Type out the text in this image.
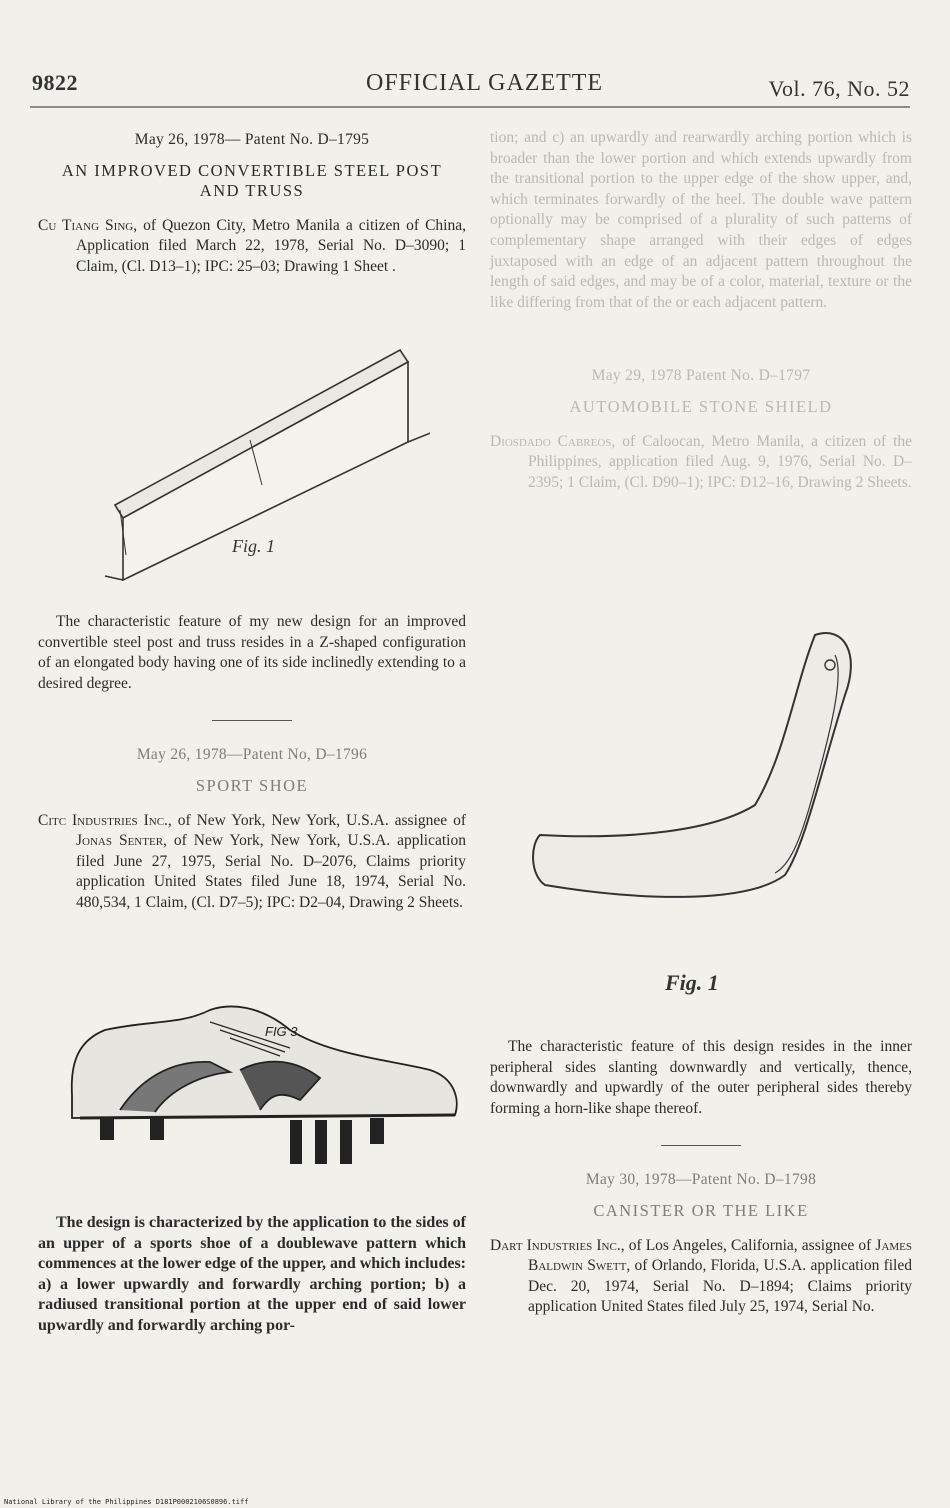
9822	OFFICIAL GAZETTE	Vol. 76, No. 52

May 26, 1978— Patent No. D–1795

AN IMPROVED CONVERTIBLE STEEL POST

AND TRUSS

Cu Tiang Sing, of Quezon City, Metro Manila a citizen of China, Application filed March 22, 1978, Serial No. D–3090; 1 Claim, (Cl. D13–1); IPC: 25–03; Drawing 1 Sheet .

Fig. 1

The characteristic feature of my new design for an improved convertible steel post and truss resides in a Z-shaped configuration of an elongated body having one of its side inclinedly extending to a desired degree.

May 26, 1978—Patent No, D–1796

SPORT SHOE

Citc Industries Inc., of New York, New York, U.S.A. assignee of Jonas Senter, of New York, New York, U.S.A. application filed June 27, 1975, Serial No. D–2076, Claims priority application United States filed June 18, 1974, Serial No. 480,534, 1 Claim, (Cl. D7–5); IPC: D2–04, Drawing 2 Sheets.

FIG 3

The design is characterized by the application to the sides of an upper of a sports shoe of a doublewave pattern which commences at the lower edge of the upper, and which includes: a) a lower upwardly and forwardly arching portion; b) a radiused transitional portion at the upper end of said lower upwardly and forwardly arching por-

tion; and c) an upwardly and rearwardly arching portion which is broader than the lower portion and which extends upwardly from the transitional portion to the upper edge of the show upper, and, which terminates forwardly of the heel. The double wave pattern optionally may be comprised of a plurality of such patterns of complementary shape arranged with their edges of edges juxtaposed with an edge of an adjacent pattern throughout the length of said edges, and may be of a color, material, texture or the like differing from that of the or each adjacent pattern.

May 29, 1978 Patent No. D–1797

AUTOMOBILE STONE SHIELD

Diosdado Cabreos, of Caloocan, Metro Manila, a citizen of the Philippines, application filed Aug. 9, 1976, Serial No. D–2395; 1 Claim, (Cl. D90–1); IPC: D12–16, Drawing 2 Sheets.

Fig. 1

The characteristic feature of this design resides in the inner peripheral sides slanting downwardly and vertically, thence, downwardly and upwardly of the outer peripheral sides thereby forming a horn-like shape thereof.

May 30, 1978—Patent No. D–1798

CANISTER OR THE LIKE

Dart Industries Inc., of Los Angeles, California, assignee of James Baldwin Swett, of Orlando, Florida, U.S.A. application filed Dec. 20, 1974, Serial No. D–1894; Claims priority application United States filed July 25, 1974, Serial No.

National Library of the Philippines D181P0002106S0896.tiff
